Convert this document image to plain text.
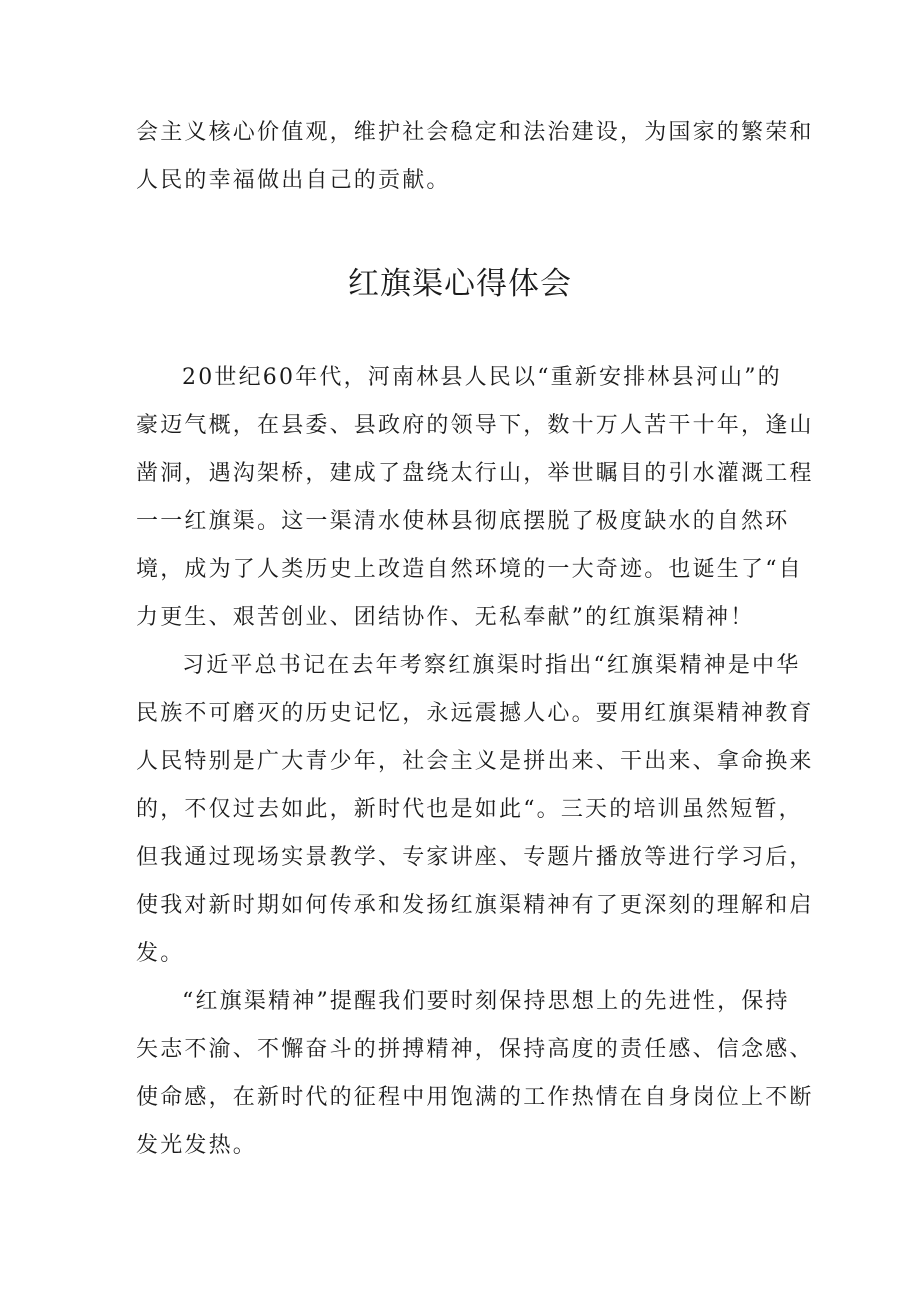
会主义核心价值观，维护社会稳定和法治建设，为国家的繁荣和
人民的幸福做出自己的贡献。
红旗渠心得体会
20世纪60年代，河南林县人民以“重新安排林县河山”的
豪迈气概，在县委、县政府的领导下，数十万人苦干十年，逢山
凿洞，遇沟架桥，建成了盘绕太行山，举世瞩目的引水灌溉工程
一一红旗渠。这一渠清水使林县彻底摆脱了极度缺水的自然环
境，成为了人类历史上改造自然环境的一大奇迹。也诞生了“自
力更生、艰苦创业、团结协作、无私奉献”的红旗渠精神！
习近平总书记在去年考察红旗渠时指出“红旗渠精神是中华
民族不可磨灭的历史记忆，永远震撼人心。要用红旗渠精神教育
人民特别是广大青少年，社会主义是拼出来、干出来、拿命换来
的，不仅过去如此，新时代也是如此“。三天的培训虽然短暂，
但我通过现场实景教学、专家讲座、专题片播放等进行学习后，
使我对新时期如何传承和发扬红旗渠精神有了更深刻的理解和启
发。
“红旗渠精神”提醒我们要时刻保持思想上的先进性，保持
矢志不渝、不懈奋斗的拼搏精神，保持高度的责任感、信念感、
使命感，在新时代的征程中用饱满的工作热情在自身岗位上不断
发光发热。
